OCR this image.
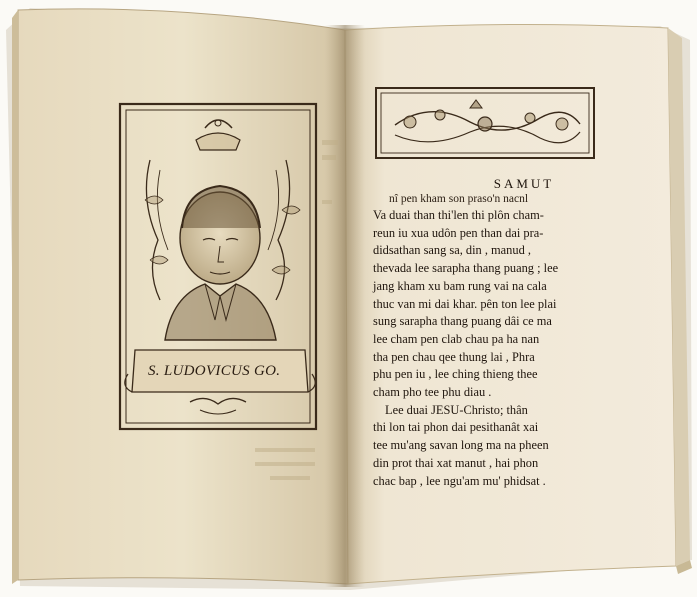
S. LUDOVICUS GO.
SAMUT
nî pen kham son praso'n nacnl
Va duai than thi'len thi plôn cham-
reun iu xua udôn pen than dai pra-
didsathan sang sa, din , manud ,
thevada lee sarapha thang puang ; lee
jang kham xu bam rung vai na cala
thuc van mi dai khar. pên ton lee plai
sung sarapha thang puang dâi ce ma
lee cham pen clab chau pa ha nan
tha pen chau qee thung lai , Phra
phu pen iu , lee ching thieng thee
cham pho tee phu diau .
Lee duai JESU-Christo; thân
thi lon tai phon dai pesithanât xai
tee mu'ang savan long ma na pheen
din prot thai xat manut , hai phon
chac bap , lee ngu'am mu' phidsat .
